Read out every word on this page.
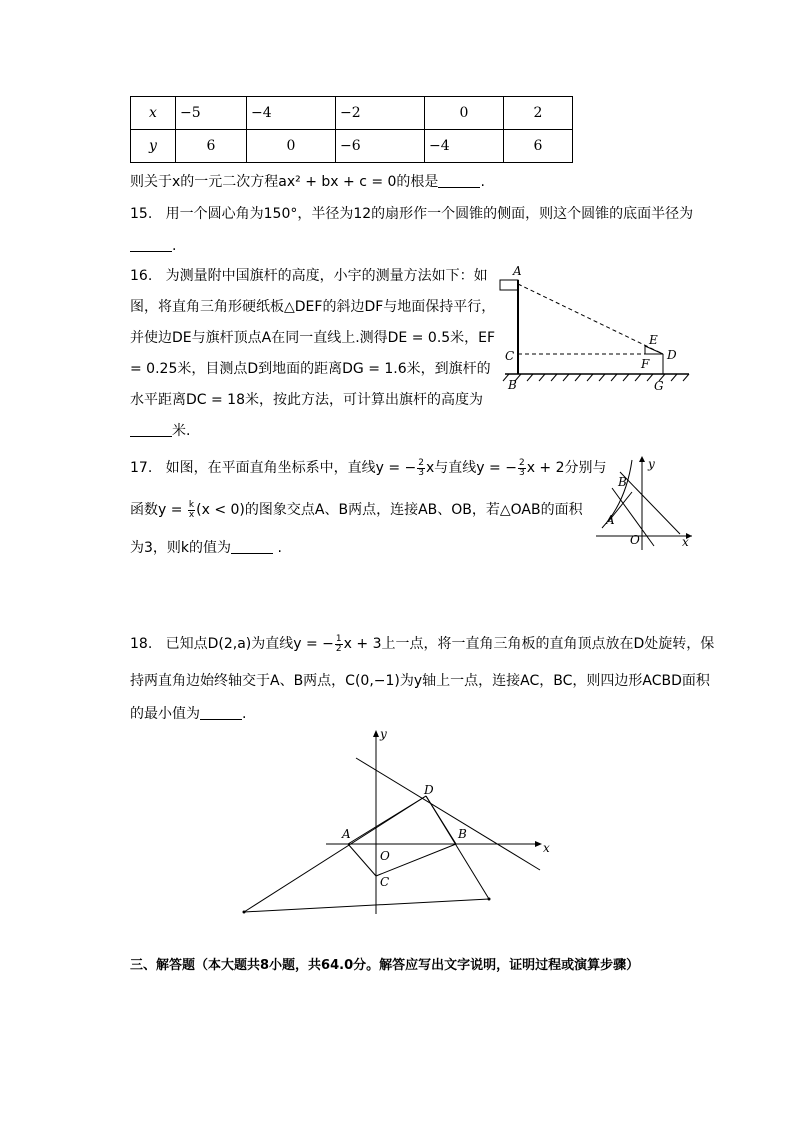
x	−5	−4	−2	0	2
y	6	0	−6	−4	6
则关于x的一元二次方程ax² + bx + c = 0的根是	.
15. 用一个圆心角为150°，半径为12的扇形作一个圆锥的侧面，则这个圆锥的底面半径为
.
16. 为测量附中国旗杆的高度，小宇的测量方法如下：如
图，将直角三角形硬纸板△DEF的斜边DF与地面保持平行，
并使边DE与旗杆顶点A在同一直线上.测得DE = 0.5米，EF
= 0.25米，目测点D到地面的距离DG = 1.6米，到旗杆的
水平距离DC = 18米，按此方法，可计算出旗杆的高度为
米.
A
C
B
E
D
F
G
17. 如图，在平面直角坐标系中，直线y = − $\frac{2}{3}$ x与直线y = − $\frac{2}{3}$ x + 2分别与
函数$y = \frac{k}{x} (x < 0)$的图象交点A、B两点，连接AB、OB，若△OAB的面积
为3，则k的值为	.
B
A
O	x
y
18. 已知点D(2,a)为直线y = − $\frac{1}{2}$ x + 3上一点，将一直角三角板的直角顶点放在D处旋转，保
持两直角边始终轴交于A、B两点，C(0,−1)为y轴上一点，连接AC，BC，则四边形ACBD面积
的最小值为	.
D
A	B
O
C
x
y
三、解答题（本大题共8小题，共64.0分。解答应写出文字说明，证明过程或演算步骤）
